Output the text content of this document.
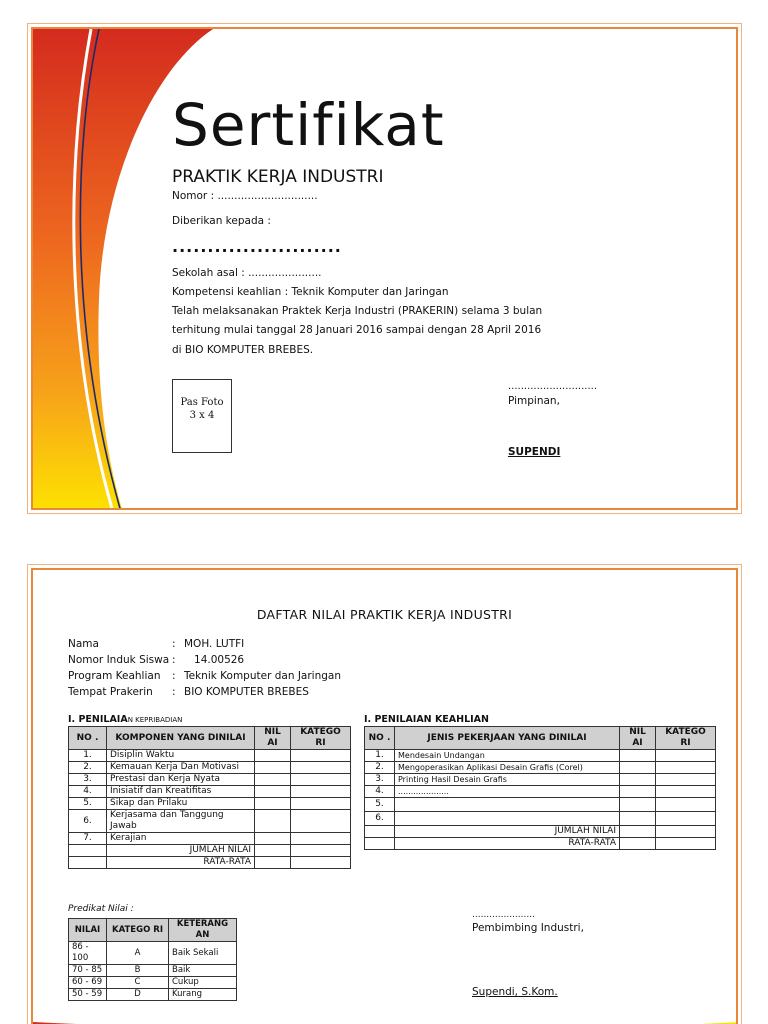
Sertifikat
PRAKTIK KERJA INDUSTRI
Nomor : ..............................
Diberikan kepada :
........................
Sekolah asal : ......................
Kompetensi keahlian : Teknik Komputer dan Jaringan
Telah melaksanakan Praktek Kerja Industri (PRAKERIN) selama 3 bulan
terhitung mulai tanggal 28 Januari 2016 sampai dengan 28 April 2016
di BIO KOMPUTER BREBES.
Pas Foto
3 x 4
............................
Pimpinan,
SUPENDI
DAFTAR NILAI PRAKTIK KERJA INDUSTRI
Nama	: MOH. LUTFI
Nomor Induk Siswa : 14.00526
Program Keahlian	: Teknik Komputer dan Jaringan
Tempat Prakerin	: BIO KOMPUTER BREBES
I. PENILAIAN KEPRIBADIAN
NO .	KOMPONEN YANG DINILAI	NIL AI	KATEGO RI
1.	Disiplin Waktu		
2.	Kemauan Kerja Dan Motivasi		
3.	Prestasi dan Kerja Nyata		
4.	Inisiatif dan Kreatifitas		
5.	Sikap dan Prilaku		
6.	Kerjasama dan Tanggung Jawab		
7.	Kerajian		
	JUMLAH NILAI		
	RATA-RATA		
I. PENILAIAN KEAHLIAN
NO .	JENIS PEKERJAAN YANG DINILAI	NIL AI	KATEGO RI
1.	Mendesain Undangan		
2.	Mengoperasikan Aplikasi Desain Grafis (Corel)		
3.	Printing Hasil Desain Grafis		
4.	....................		
5.			
6.			
	JUMLAH NILAI		
	RATA-RATA		
Predikat Nilai :
NILAI	KATEGO RI	KETERANG AN
86 - 100	A	Baik Sekali
70 - 85	B	Baik
60 - 69	C	Cukup
50 - 59	D	Kurang
......................
Pembimbing Industri,
Supendi, S.Kom.
